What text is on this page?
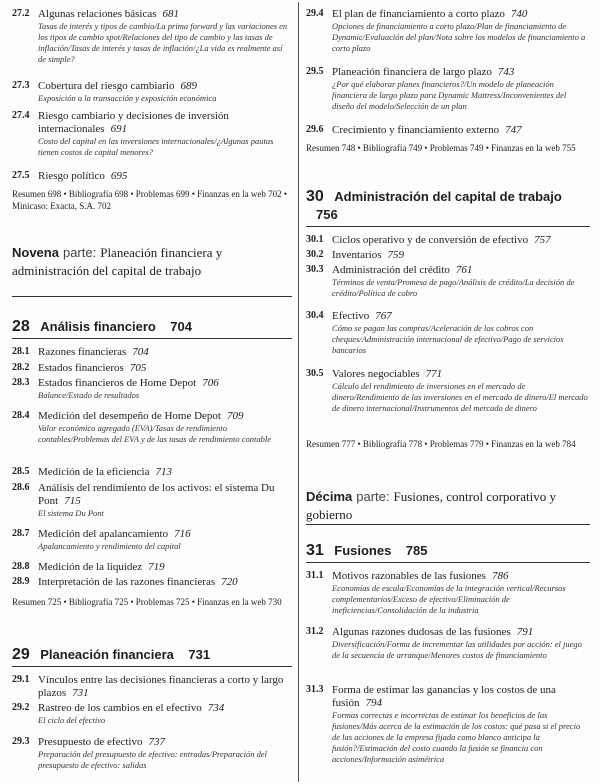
27.2 Algunas relaciones básicas 681
Tasas de interés y tipos de cambio/La prima forward y las variaciones en los tipos de cambio spot/Relaciones del tipo de cambio y las tasas de inflación/Tasas de interés y tasas de inflación/¿La vida es realmente así de simple?
27.3 Cobertura del riesgo cambiario 689
Exposición a la transacción y exposición económica
27.4 Riesgo cambiario y decisiones de inversión internacionales 691
Costo del capital en las inversiones internacionales/¿Algunas pautas tienen costos de capital menores?
27.5 Riesgo político 695
Resumen 698 • Bibliografía 698 • Problemas 699 • Finanzas en la web 702 • Minicaso: Exacta, S.A. 702
Novena parte: Planeación financiera y administración del capital de trabajo
28 Análisis financiero 704
28.1 Razones financieras 704
28.2 Estados financieros 705
28.3 Estados financieros de Home Depot 706
Balance/Estado de resultados
28.4 Medición del desempeño de Home Depot 709
Valor económico agregado (EVA)/Tasas de rendimiento contables/Problemas del EVA y de las tasas de rendimiento contable
28.5 Medición de la eficiencia 713
28.6 Análisis del rendimiento de los activos: el sistema Du Pont 715
El sistema Du Pont
28.7 Medición del apalancamiento 716
Apalancamiento y rendimiento del capital
28.8 Medición de la liquidez 719
28.9 Interpretación de las razones financieras 720
Resumen 725 • Bibliografía 725 • Problemas 725 • Finanzas en la web 730
29 Planeación financiera 731
29.1 Vínculos entre las decisiones financieras a corto y largo plazos 731
29.2 Rastreo de los cambios en el efectivo 734
El ciclo del efectivo
29.3 Presupuesto de efectivo 737
Preparación del presupuesto de efectivo: entradas/Preparación del presupuesto de efectivo: salidas
29.4 El plan de financiamiento a corto plazo 740
Opciones de financiamiento a corto plazo/Plan de financiamiento de Dynamic/Evaluación del plan/Nota sobre los modelos de financiamiento a corto plazo
29.5 Planeación financiera de largo plazo 743
¿Por qué elaborar planes financieros?/Un modelo de planeación financiera de largo plazo para Dynamic Mattress/Inconvenientes del diseño del modelo/Selección de un plan
29.6 Crecimiento y financiamiento externo 747
Resumen 748 • Bibliografía 749 • Problemas 749 • Finanzas en la web 755
30 Administración del capital de trabajo 756
30.1 Ciclos operativo y de conversión de efectivo 757
30.2 Inventarios 759
30.3 Administración del crédito 761
Términos de venta/Promesa de pago/Análisis de crédito/La decisión de crédito/Política de cobro
30.4 Efectivo 767
Cómo se pagan las compras/Aceleración de los cobros con cheques/Administración internacional de efectivo/Pago de servicios bancarios
30.5 Valores negociables 771
Cálculo del rendimiento de inversiones en el mercado de dinero/Rendimiento de las inversiones en el mercado de dinero/El mercado de dinero internacional/Instrumentos del mercado de dinero
Resumen 777 • Bibliografía 778 • Problemas 779 • Finanzas en la web 784
Décima parte: Fusiones, control corporativo y gobierno
31 Fusiones 785
31.1 Motivos razonables de las fusiones 786
Economías de escala/Economías de la integración vertical/Recursos complementarios/Exceso de efectivo/Eliminación de ineficiencias/Consolidación de la industria
31.2 Algunas razones dudosas de las fusiones 791
Diversificación/Forma de incrementar las utilidades por acción: el juego de la secuencia de arranque/Menores costos de financiamiento
31.3 Forma de estimar las ganancias y los costos de una fusión 794
Formas correctas e incorrectas de estimar los beneficios de las fusiones/Más acerca de la estimación de los costos: qué pasa si el precio de las acciones de la empresa fijada como blanco anticipa la fusión?/Estimación del costo cuando la fusión se financia con acciones/Información asimétrica
